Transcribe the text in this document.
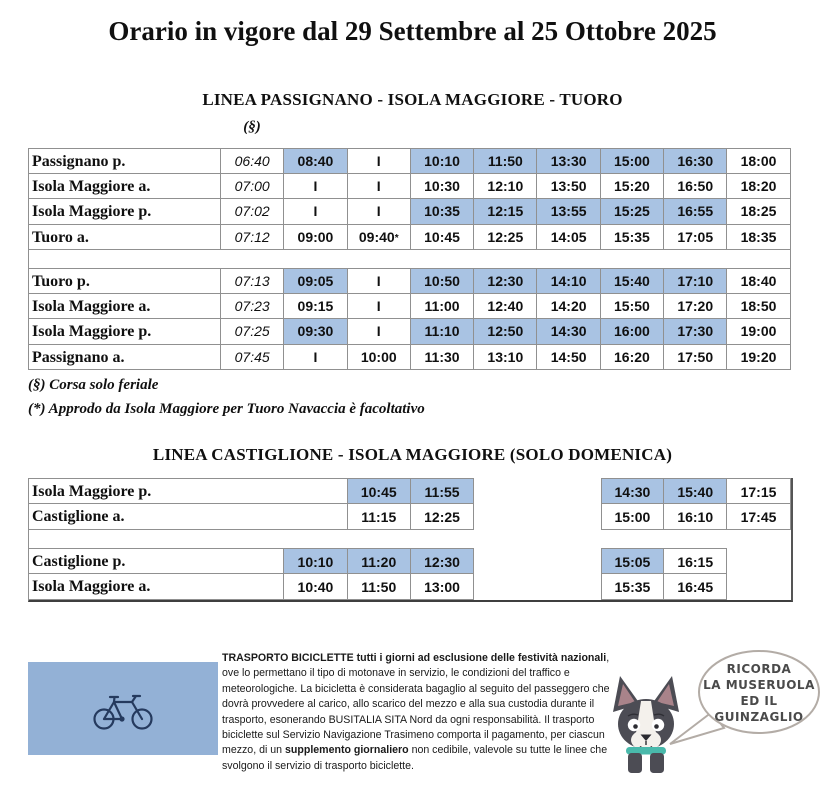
Orario in vigore dal 29 Settembre al 25 Ottobre 2025
LINEA PASSIGNANO - ISOLA MAGGIORE - TUORO
(§)
Passignano p.	06:40	08:40	I	10:10	11:50	13:30	15:00	16:30	18:00
Isola Maggiore a.	07:00	I	I	10:30	12:10	13:50	15:20	16:50	18:20
Isola Maggiore p.	07:02	I	I	10:35	12:15	13:55	15:25	16:55	18:25
Tuoro a.	07:12	09:00	09:40*	10:45	12:25	14:05	15:35	17:05	18:35
Tuoro p.	07:13	09:05	I	10:50	12:30	14:10	15:40	17:10	18:40
Isola Maggiore a.	07:23	09:15	I	11:00	12:40	14:20	15:50	17:20	18:50
Isola Maggiore p.	07:25	09:30	I	11:10	12:50	14:30	16:00	17:30	19:00
Passignano a.	07:45	I	10:00	11:30	13:10	14:50	16:20	17:50	19:20
(§) Corsa solo feriale
(*) Approdo da Isola Maggiore per Tuoro Navaccia è facoltativo
LINEA CASTIGLIONE - ISOLA MAGGIORE (SOLO DOMENICA)
Isola Maggiore p.	10:45	11:55	14:30	15:40	17:15
Castiglione a.	11:15	12:25	15:00	16:10	17:45
Castiglione p.	10:10	11:20	12:30	15:05	16:15
Isola Maggiore a.	10:40	11:50	13:00	15:35	16:45
TRASPORTO BICICLETTE tutti i giorni ad esclusione delle festività nazionali, ove lo permettano il tipo di motonave in servizio, le condizioni del traffico e meteorologiche. La bicicletta è considerata bagaglio al seguito del passeggero che dovrà provvedere al carico, allo scarico del mezzo e alla sua custodia durante il trasporto, esonerando BUSITALIA SITA Nord da ogni responsabilità. Il trasporto biciclette sul Servizio Navigazione Trasimeno comporta il pagamento, per ciascun mezzo, di un supplemento giornaliero non cedibile, valevole su tutte le linee che svolgono il servizio di trasporto biciclette.
RICORDA
LA MUSERUOLA
ED IL
GUINZAGLIO
